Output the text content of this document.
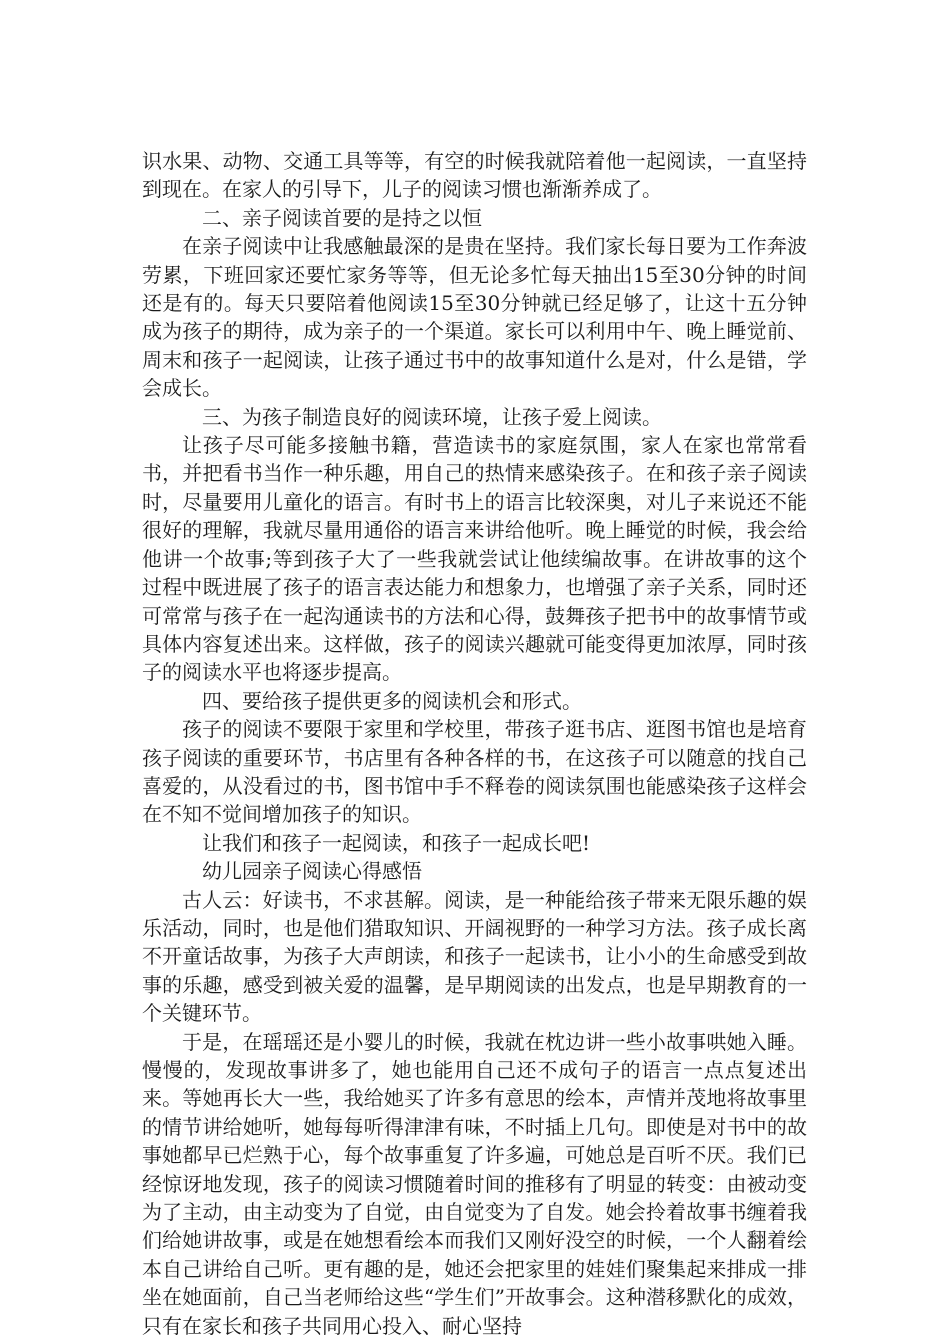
识水果、动物、交通工具等等，有空的时候我就陪着他一起阅读，一直坚持到现在。在家人的引导下，儿子的阅读习惯也渐渐养成了。

二、亲子阅读首要的是持之以恒

在亲子阅读中让我感触最深的是贵在坚持。我们家长每日要为工作奔波劳累，下班回家还要忙家务等等，但无论多忙每天抽出15至30分钟的时间还是有的。每天只要陪着他阅读15至30分钟就已经足够了，让这十五分钟成为孩子的期待，成为亲子的一个渠道。家长可以利用中午、晚上睡觉前、周末和孩子一起阅读，让孩子通过书中的故事知道什么是对，什么是错，学会成长。

三、为孩子制造良好的阅读环境，让孩子爱上阅读。

让孩子尽可能多接触书籍，营造读书的家庭氛围，家人在家也常常看书，并把看书当作一种乐趣，用自己的热情来感染孩子。在和孩子亲子阅读时，尽量要用儿童化的语言。有时书上的语言比较深奥，对儿子来说还不能很好的理解，我就尽量用通俗的语言来讲给他听。晚上睡觉的时候，我会给他讲一个故事;等到孩子大了一些我就尝试让他续编故事。在讲故事的这个过程中既进展了孩子的语言表达能力和想象力，也增强了亲子关系，同时还可常常与孩子在一起沟通读书的方法和心得，鼓舞孩子把书中的故事情节或具体内容复述出来。这样做，孩子的阅读兴趣就可能变得更加浓厚，同时孩子的阅读水平也将逐步提高。

四、要给孩子提供更多的阅读机会和形式。

孩子的阅读不要限于家里和学校里，带孩子逛书店、逛图书馆也是培育孩子阅读的重要环节，书店里有各种各样的书，在这孩子可以随意的找自己喜爱的，从没看过的书，图书馆中手不释卷的阅读氛围也能感染孩子这样会在不知不觉间增加孩子的知识。

让我们和孩子一起阅读，和孩子一起成长吧!

幼儿园亲子阅读心得感悟

古人云：好读书，不求甚解。阅读，是一种能给孩子带来无限乐趣的娱乐活动，同时，也是他们猎取知识、开阔视野的一种学习方法。孩子成长离不开童话故事，为孩子大声朗读，和孩子一起读书，让小小的生命感受到故事的乐趣，感受到被关爱的温馨，是早期阅读的出发点，也是早期教育的一个关键环节。

于是，在瑶瑶还是小婴儿的时候，我就在枕边讲一些小故事哄她入睡。慢慢的，发现故事讲多了，她也能用自己还不成句子的语言一点点复述出来。等她再长大一些，我给她买了许多有意思的绘本，声情并茂地将故事里的情节讲给她听，她每每听得津津有味，不时插上几句。即使是对书中的故事她都早已烂熟于心，每个故事重复了许多遍，可她总是百听不厌。我们已经惊讶地发现，孩子的阅读习惯随着时间的推移有了明显的转变：由被动变为了主动，由主动变为了自觉，由自觉变为了自发。她会拎着故事书缠着我们给她讲故事，或是在她想看绘本而我们又刚好没空的时候，一个人翻着绘本自己讲给自己听。更有趣的是，她还会把家里的娃娃们聚集起来排成一排坐在她面前，自己当老师给这些“学生们”开故事会。这种潜移默化的成效，只有在家长和孩子共同用心投入、耐心坚持
